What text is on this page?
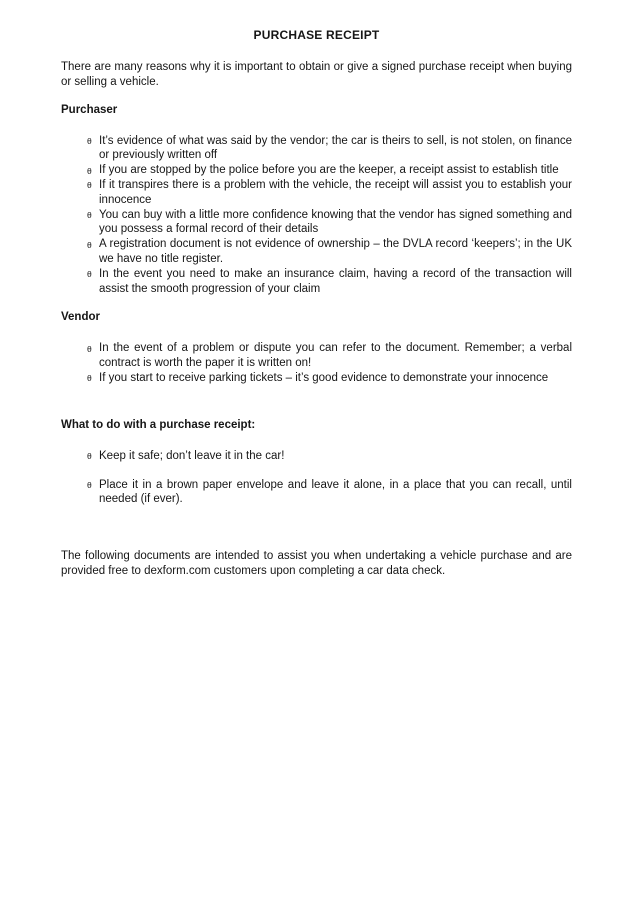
PURCHASE RECEIPT

There are many reasons why it is important to obtain or give a signed purchase receipt when buying or selling a vehicle.

Purchaser
θ It’s evidence of what was said by the vendor; the car is theirs to sell, is not stolen, on finance or previously written off
θ If you are stopped by the police before you are the keeper, a receipt assist to establish title
θ If it transpires there is a problem with the vehicle, the receipt will assist you to establish your innocence
θ You can buy with a little more confidence knowing that the vendor has signed something and you possess a formal record of their details
θ A registration document is not evidence of ownership – the DVLA record ‘keepers’; in the UK we have no title register.
θ In the event you need to make an insurance claim, having a record of the transaction will assist the smooth progression of your claim
Vendor
θ In the event of a problem or dispute you can refer to the document. Remember; a verbal contract is worth the paper it is written on!
θ If you start to receive parking tickets – it’s good evidence to demonstrate your innocence
What to do with a purchase receipt:
θ Keep it safe; don’t leave it in the car!
θ Place it in a brown paper envelope and leave it alone, in a place that you can recall, until needed (if ever).

The following documents are intended to assist you when undertaking a vehicle purchase and are provided free to dexform.com customers upon completing a car data check.
